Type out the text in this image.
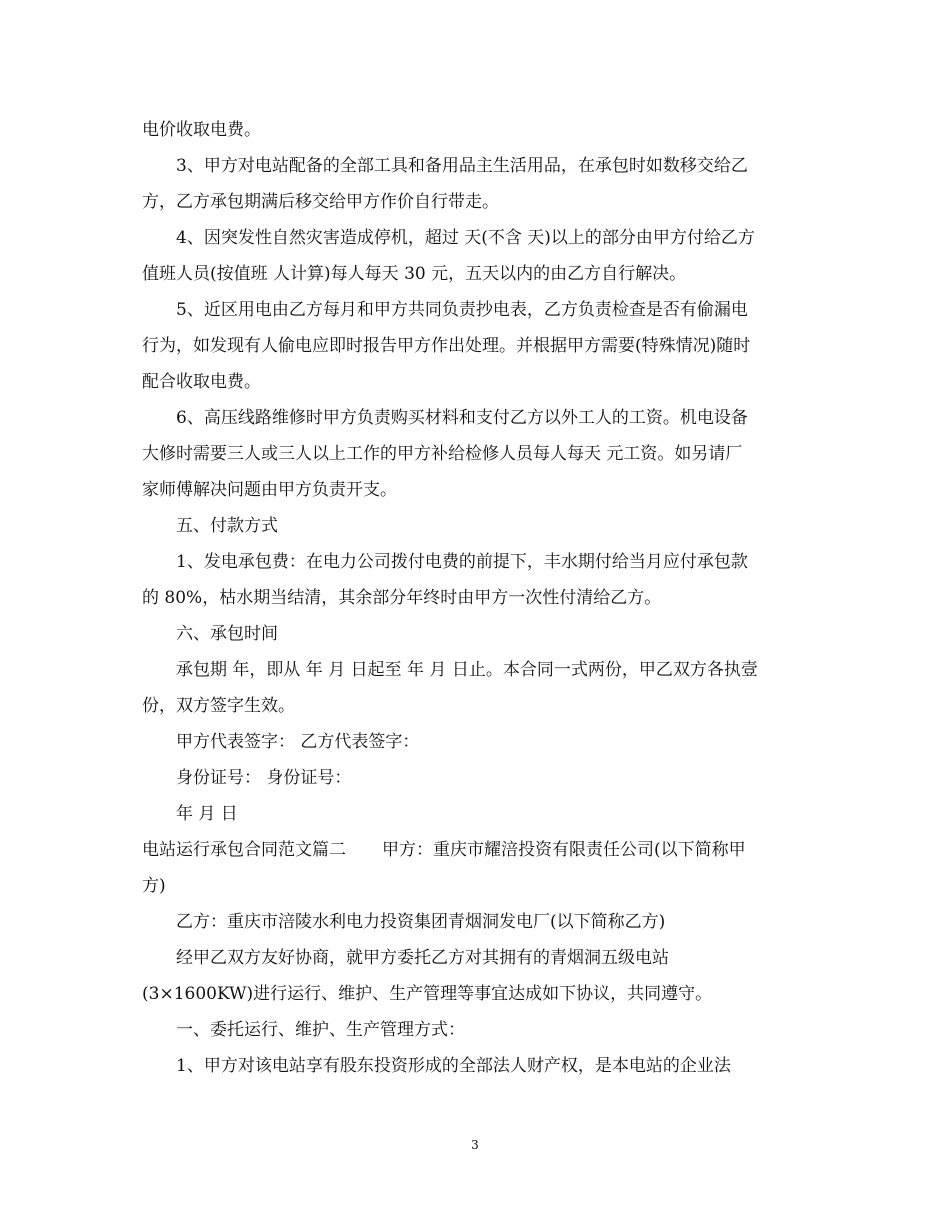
电价收取电费。
3、甲方对电站配备的全部工具和备用品主生活用品，在承包时如数移交给乙
方，乙方承包期满后移交给甲方作价自行带走。
4、因突发性自然灾害造成停机，超过 天(不含 天)以上的部分由甲方付给乙方
值班人员(按值班 人计算)每人每天 30 元，五天以内的由乙方自行解决。
5、近区用电由乙方每月和甲方共同负责抄电表，乙方负责检查是否有偷漏电
行为，如发现有人偷电应即时报告甲方作出处理。并根据甲方需要(特殊情况)随时
配合收取电费。
6、高压线路维修时甲方负责购买材料和支付乙方以外工人的工资。机电设备
大修时需要三人或三人以上工作的甲方补给检修人员每人每天 元工资。如另请厂
家师傅解决问题由甲方负责开支。
五、付款方式
1、发电承包费：在电力公司拨付电费的前提下，丰水期付给当月应付承包款
的 80%，枯水期当结清，其余部分年终时由甲方一次性付清给乙方。
六、承包时间
承包期 年，即从 年 月 日起至 年 月 日止。本合同一式两份，甲乙双方各执壹
份，双方签字生效。
甲方代表签字： 乙方代表签字：
身份证号： 身份证号：
年 月 日
电站运行承包合同范文篇二 甲方：重庆市耀涪投资有限责任公司(以下简称甲
方)
乙方：重庆市涪陵水利电力投资集团青烟洞发电厂(以下简称乙方)
经甲乙双方友好协商，就甲方委托乙方对其拥有的青烟洞五级电站
(3×1600KW)进行运行、维护、生产管理等事宜达成如下协议，共同遵守。
一、委托运行、维护、生产管理方式：
1、甲方对该电站享有股东投资形成的全部法人财产权，是本电站的企业法
3
